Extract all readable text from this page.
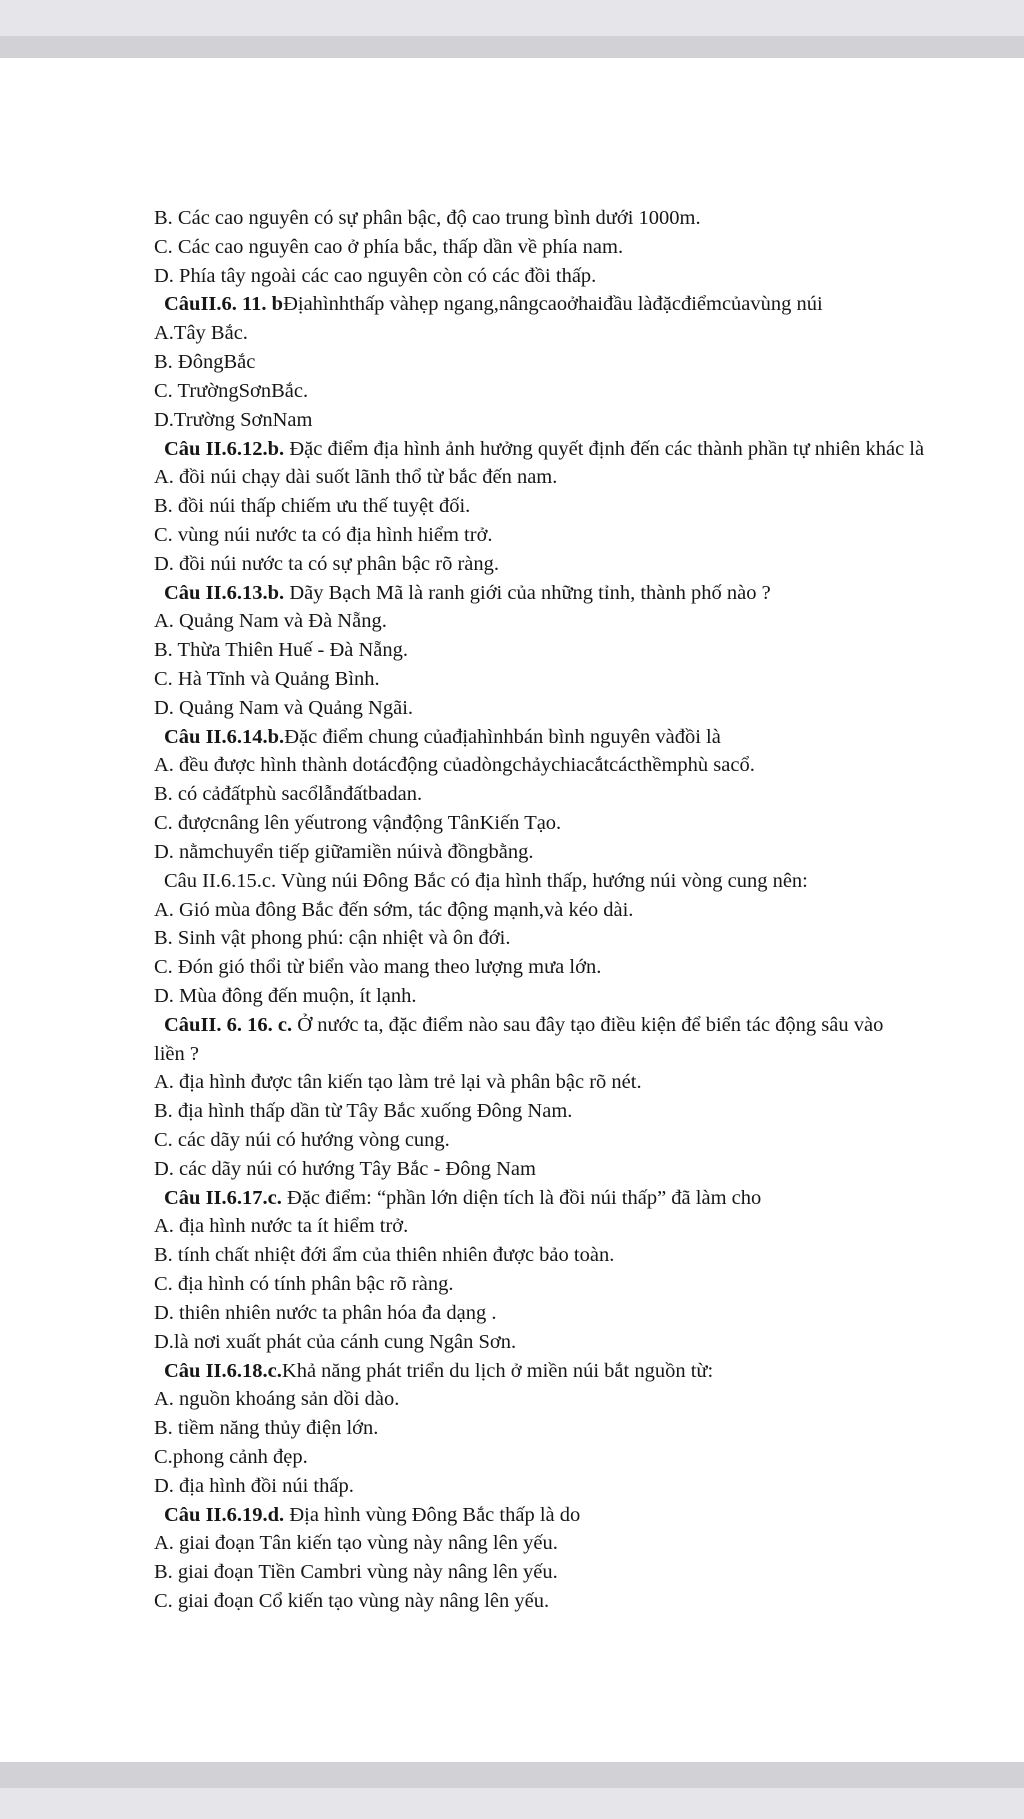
B. Các cao nguyên có sự phân bậc, độ cao trung bình dưới 1000m.
C. Các cao nguyên cao ở phía bắc, thấp dần về phía nam.
D. Phía tây ngoài các cao nguyên còn có các đồi thấp.
CâuII.6. 11. bĐịahìnhthấp vàhẹp ngang,nângcaoởhaiđầu làđặcđiểmcủavùng núi
A.Tây Bắc.
B. ĐôngBắc
C. TrườngSơnBắc.
D.Trường SơnNam
Câu II.6.12.b. Đặc điểm địa hình ảnh hưởng quyết định đến các thành phần tự nhiên khác là
A. đồi núi chạy dài suốt lãnh thổ từ bắc đến nam.
B. đồi núi thấp chiếm ưu thế tuyệt đối.
C. vùng núi nước ta có địa hình hiểm trở.
D. đồi núi nước ta có sự phân bậc rõ ràng.
Câu II.6.13.b. Dãy Bạch Mã là ranh giới của những tỉnh, thành phố nào ?
A. Quảng Nam và Đà Nẵng.
B. Thừa Thiên Huế - Đà Nẵng.
C. Hà Tĩnh và Quảng Bình.
D. Quảng Nam và Quảng Ngãi.
Câu II.6.14.b.Đặc điểm chung củađịahìnhbán bình nguyên vàđồi là
A. đều được hình thành dotácđộng củadòngchảychiacắtcácthềmphù sacổ.
B. có cảđấtphù sacổlẫnđấtbadan.
C. đượcnâng lên yếutrong vậnđộng TânKiến Tạo.
D. nằmchuyển tiếp giữamiền núivà đồngbằng.
Câu II.6.15.c. Vùng núi Đông Bắc có địa hình thấp, hướng núi vòng cung nên:
A. Gió mùa đông Bắc đến sớm, tác động mạnh,và kéo dài.
B. Sinh vật phong phú: cận nhiệt và ôn đới.
C. Đón gió thổi từ biển vào mang theo lượng mưa lớn.
D. Mùa đông đến muộn, ít lạnh.
CâuII. 6. 16. c. Ở nước ta, đặc điểm nào sau đây tạo điều kiện để biển tác động sâu vào
liền ?
A. địa hình được tân kiến tạo làm trẻ lại và phân bậc rõ nét.
B. địa hình thấp dần từ Tây Bắc xuống Đông Nam.
C. các dãy núi có hướng vòng cung.
D. các dãy núi có hướng Tây Bắc - Đông Nam
Câu II.6.17.c. Đặc điểm: “phần lớn diện tích là đồi núi thấp” đã làm cho
A. địa hình nước ta ít hiểm trở.
B. tính chất nhiệt đới ẩm của thiên nhiên được bảo toàn.
C. địa hình có tính phân bậc rõ ràng.
D. thiên nhiên nước ta phân hóa đa dạng .
D.là nơi xuất phát của cánh cung Ngân Sơn.
Câu II.6.18.c.Khả năng phát triển du lịch ở miền núi bắt nguồn từ:
A. nguồn khoáng sản dồi dào.
B. tiềm năng thủy điện lớn.
C.phong cảnh đẹp.
D. địa hình đồi núi thấp.
Câu II.6.19.d. Địa hình vùng Đông Bắc thấp là do
A. giai đoạn Tân kiến tạo vùng này nâng lên yếu.
B. giai đoạn Tiền Cambri vùng này nâng lên yếu.
C. giai đoạn Cổ kiến tạo vùng này nâng lên yếu.
